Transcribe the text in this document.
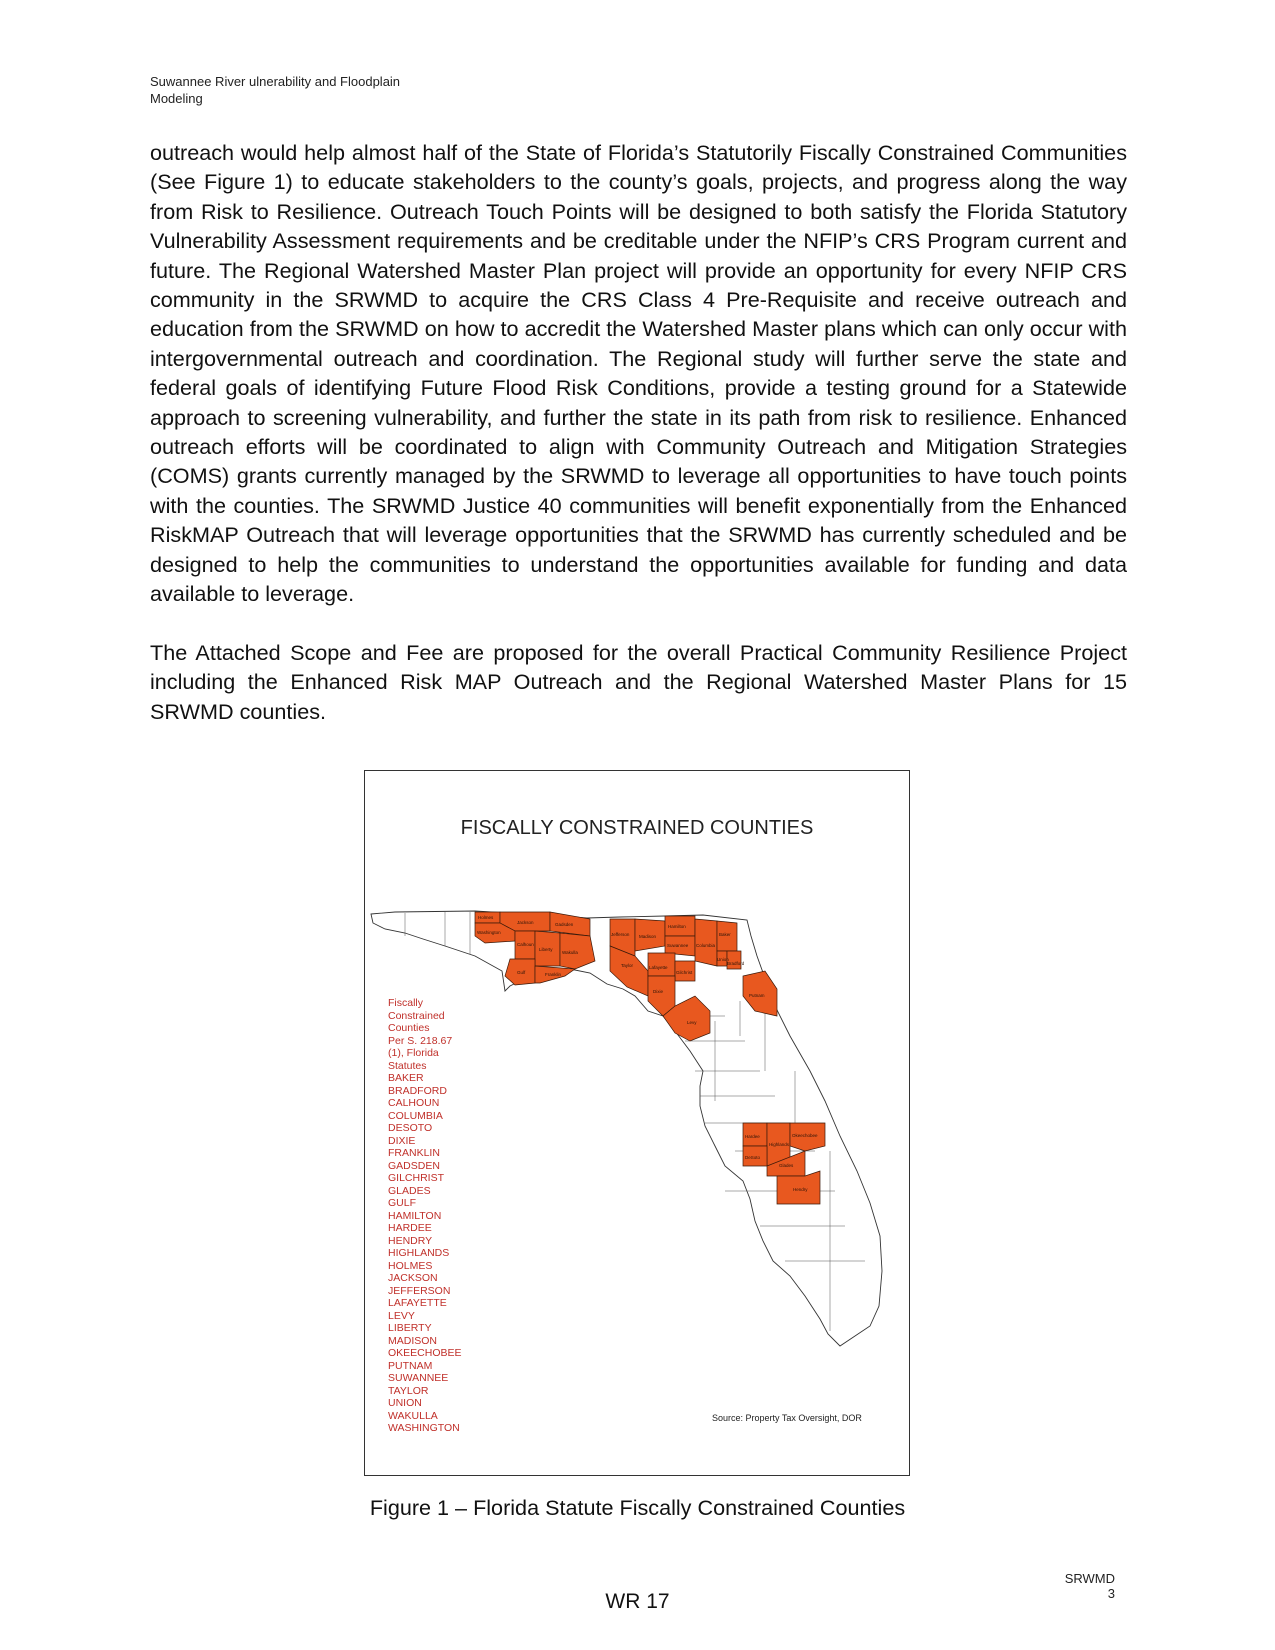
Suwannee River ulnerability and Floodplain
Modeling

outreach would help almost half of the State of Florida’s Statutorily Fiscally Constrained Communities (See Figure 1) to educate stakeholders to the county’s goals, projects, and progress along the way from Risk to Resilience. Outreach Touch Points will be designed to both satisfy the Florida Statutory Vulnerability Assessment requirements and be creditable under the NFIP’s CRS Program current and future. The Regional Watershed Master Plan project will provide an opportunity for every NFIP CRS community in the SRWMD to acquire the CRS Class 4 Pre-Requisite and receive outreach and education from the SRWMD on how to accredit the Watershed Master plans which can only occur with intergovernmental outreach and coordination. The Regional study will further serve the state and federal goals of identifying Future Flood Risk Conditions, provide a testing ground for a Statewide approach to screening vulnerability, and further the state in its path from risk to resilience. Enhanced outreach efforts will be coordinated to align with Community Outreach and Mitigation Strategies (COMS) grants currently managed by the SRWMD to leverage all opportunities to have touch points with the counties. The SRWMD Justice 40 communities will benefit exponentially from the Enhanced RiskMAP Outreach that will leverage opportunities that the SRWMD has currently scheduled and be designed to help the communities to understand the opportunities available for funding and data available to leverage.

The Attached Scope and Fee are proposed for the overall Practical Community Resilience Project including the Enhanced Risk MAP Outreach and the Regional Watershed Master Plans for 15 SRWMD counties.

FISCALLY CONSTRAINED COUNTIES
Holmes
Jackson
Washington
Gadsden
Calhoun
Liberty
Wakulla
Gulf	Franklin
Jefferson Madison
Hamilton
Suwannee Columbia
Baker
Union
Bradford
Taylor	Lafayette
Gilchrist
Dixie
Levy
Putnam
Hardee
Highlands
Okeechobee
DeSoto
Glades
Hendry
Fiscally
Constrained
Counties
Per S. 218.67
(1), Florida
Statutes
BAKER
BRADFORD
CALHOUN
COLUMBIA
DESOTO
DIXIE
FRANKLIN
GADSDEN
GILCHRIST
GLADES
GULF
HAMILTON
HARDEE
HENDRY
HIGHLANDS
HOLMES
JACKSON
JEFFERSON
LAFAYETTE
LEVY
LIBERTY
MADISON
OKEECHOBEE
PUTNAM
SUWANNEE
TAYLOR
UNION
WAKULLA
WASHINGTON
Source: Property Tax Oversight, DOR
Figure 1 – Florida Statute Fiscally Constrained Counties
WR 17
SRWMD
3
